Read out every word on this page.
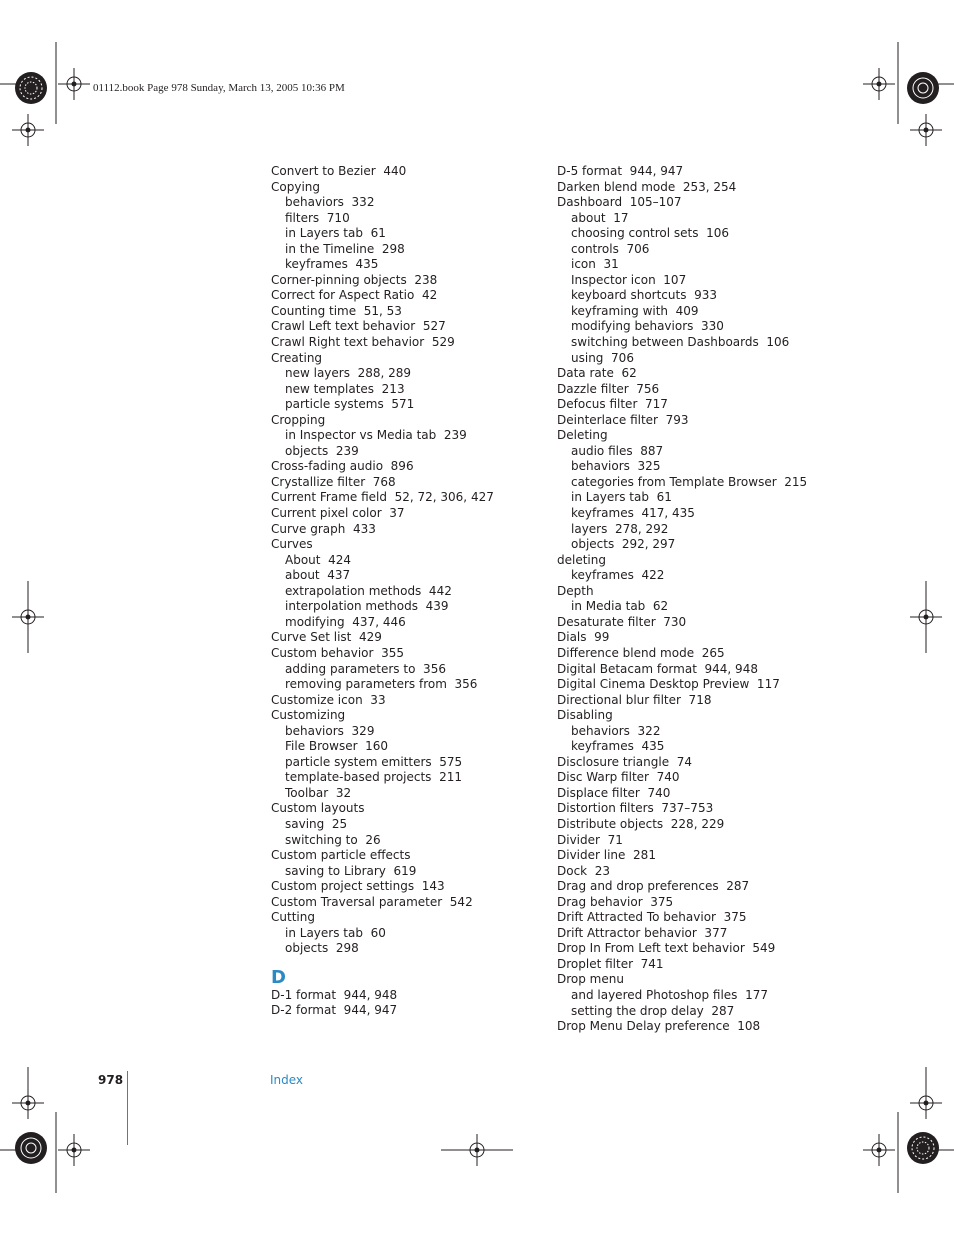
01112.book Page 978 Sunday, March 13, 2005 10:36 PM
Convert to Bezier  440
Copying
behaviors  332
filters  710
in Layers tab  61
in the Timeline  298
keyframes  435
Corner-pinning objects  238
Correct for Aspect Ratio  42
Counting time  51, 53
Crawl Left text behavior  527
Crawl Right text behavior  529
Creating
new layers  288, 289
new templates  213
particle systems  571
Cropping
in Inspector vs Media tab  239
objects  239
Cross-fading audio  896
Crystallize filter  768
Current Frame field  52, 72, 306, 427
Current pixel color  37
Curve graph  433
Curves
About  424
about  437
extrapolation methods  442
interpolation methods  439
modifying  437, 446
Curve Set list  429
Custom behavior  355
adding parameters to  356
removing parameters from  356
Customize icon  33
Customizing
behaviors  329
File Browser  160
particle system emitters  575
template-based projects  211
Toolbar  32
Custom layouts
saving  25
switching to  26
Custom particle effects
saving to Library  619
Custom project settings  143
Custom Traversal parameter  542
Cutting
in Layers tab  60
objects  298
D
D-1 format  944, 948
D-2 format  944, 947
D-5 format  944, 947
Darken blend mode  253, 254
Dashboard  105–107
about  17
choosing control sets  106
controls  706
icon  31
Inspector icon  107
keyboard shortcuts  933
keyframing with  409
modifying behaviors  330
switching between Dashboards  106
using  706
Data rate  62
Dazzle filter  756
Defocus filter  717
Deinterlace filter  793
Deleting
audio files  887
behaviors  325
categories from Template Browser  215
in Layers tab  61
keyframes  417, 435
layers  278, 292
objects  292, 297
deleting
keyframes  422
Depth
in Media tab  62
Desaturate filter  730
Dials  99
Difference blend mode  265
Digital Betacam format  944, 948
Digital Cinema Desktop Preview  117
Directional blur filter  718
Disabling
behaviors  322
keyframes  435
Disclosure triangle  74
Disc Warp filter  740
Displace filter  740
Distortion filters  737–753
Distribute objects  228, 229
Divider  71
Divider line  281
Dock  23
Drag and drop preferences  287
Drag behavior  375
Drift Attracted To behavior  375
Drift Attractor behavior  377
Drop In From Left text behavior  549
Droplet filter  741
Drop menu
and layered Photoshop files  177
setting the drop delay  287
Drop Menu Delay preference  108
978	Index
